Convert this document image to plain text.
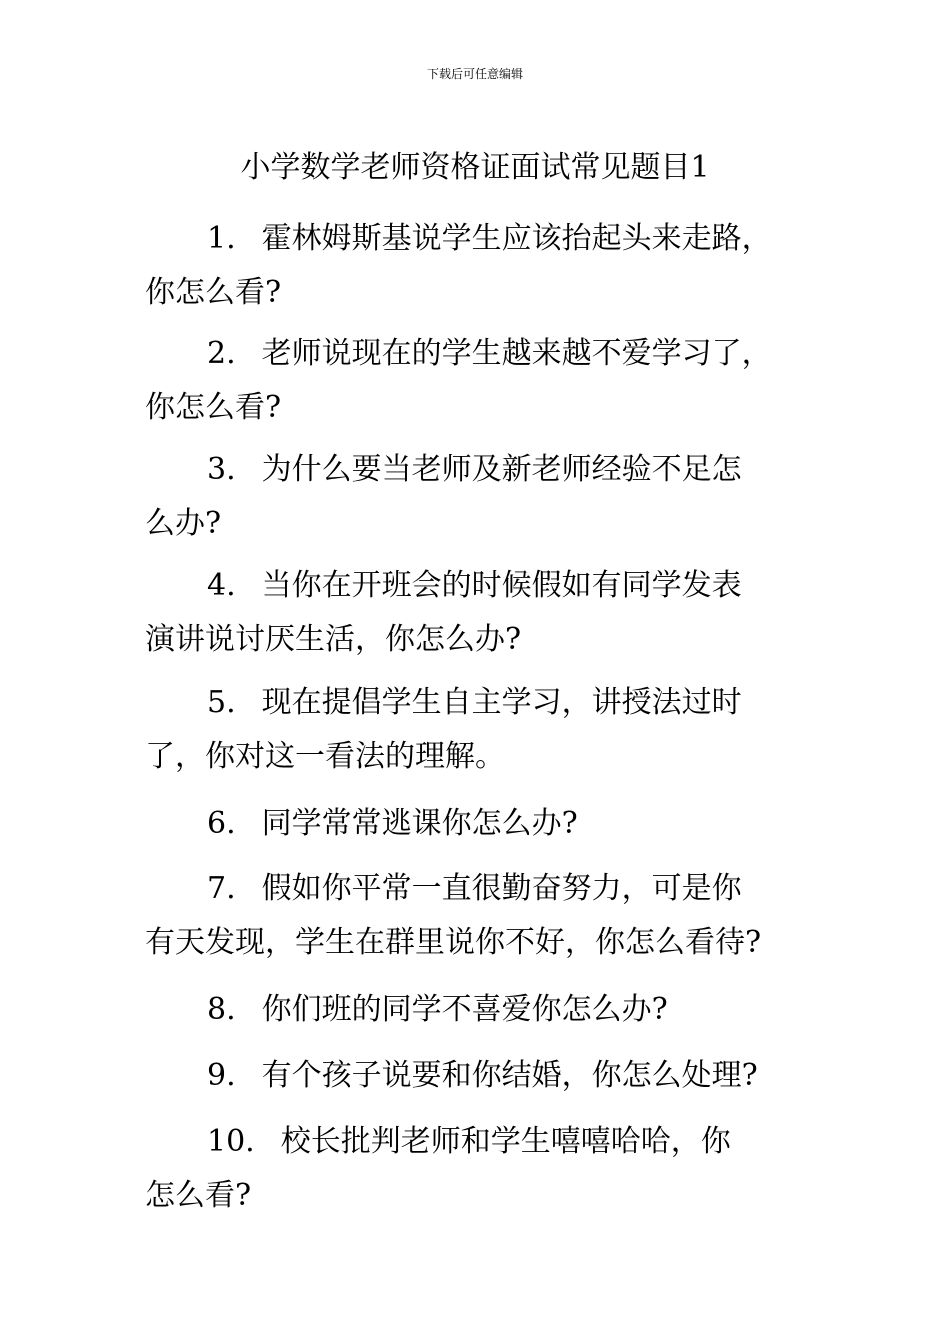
下载后可任意编辑
小学数学老师资格证面试常见题目1
1. 霍林姆斯基说学生应该抬起头来走路，
你怎么看?
2. 老师说现在的学生越来越不爱学习了，
你怎么看?
3. 为什么要当老师及新老师经验不足怎
么办?
4. 当你在开班会的时候假如有同学发表
演讲说讨厌生活，你怎么办?
5. 现在提倡学生自主学习，讲授法过时
了，你对这一看法的理解。
6. 同学常常逃课你怎么办?
7. 假如你平常一直很勤奋努力，可是你
有天发现，学生在群里说你不好，你怎么看待?
8. 你们班的同学不喜爱你怎么办?
9. 有个孩子说要和你结婚，你怎么处理?
10. 校长批判老师和学生嘻嘻哈哈，你
怎么看?
